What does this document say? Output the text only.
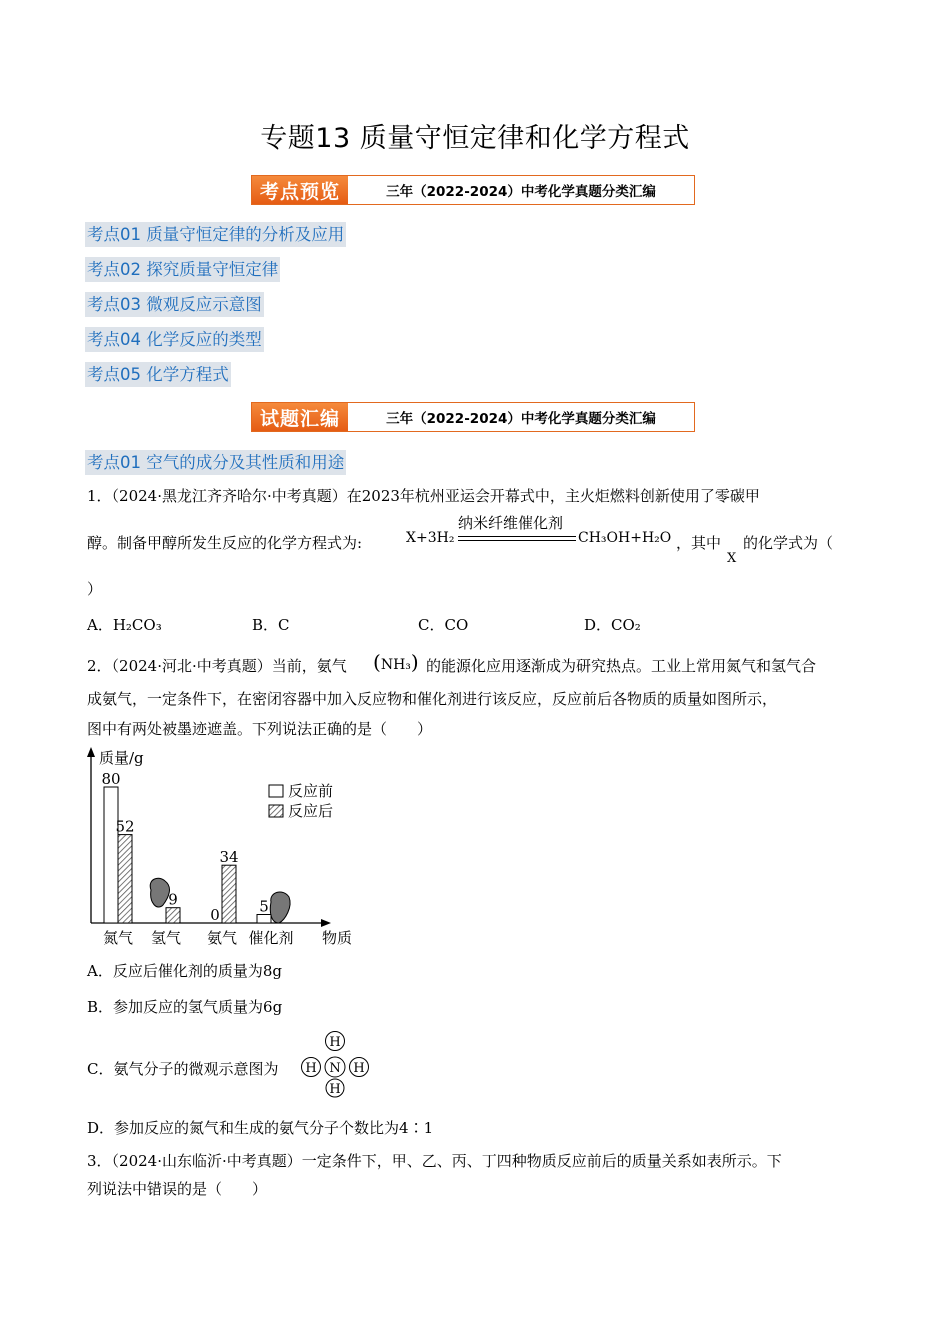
专题13 质量守恒定律和化学方程式
考点预览	三年（2022-2024）中考化学真题分类汇编
考点01 质量守恒定律的分析及应用
考点02 探究质量守恒定律
考点03 微观反应示意图
考点04 化学反应的类型
考点05 化学方程式
试题汇编	三年（2022-2024）中考化学真题分类汇编
考点01 空气的成分及其性质和用途
1．（2024·黑龙江齐齐哈尔·中考真题）在2023年杭州亚运会开幕式中，主火炬燃料创新使用了零碳甲
醇。制备甲醇所发生反应的化学方程式为:	X+3H₂
纳米纤维催化剂
CH₃OH+H₂O ，其中
X
的化学式为（
）
A．H₂CO₃	B．C	C．CO	D．CO₂
2．（2024·河北·中考真题）当前，氨气 (NH₃) 的能源化应用逐渐成为研究热点。工业上常用氮气和氢气合
成氨气，一定条件下，在密闭容器中加入反应物和催化剂进行该反应，反应前后各物质的质量如图所示，
图中有两处被墨迹遮盖。下列说法正确的是（　　）
质量/g
物质
反应前
反应后
氮气
80
52
氢气
9
氨气
0
34
催化剂
5
A．反应后催化剂的质量为8g
B．参加反应的氢气质量为6g
C．氨气分子的微观示意图为
H
H N H
H
D．参加反应的氮气和生成的氨气分子个数比为4∶1
3．（2024·山东临沂·中考真题）一定条件下，甲、乙、丙、丁四种物质反应前后的质量关系如表所示。下
列说法中错误的是（　　）
